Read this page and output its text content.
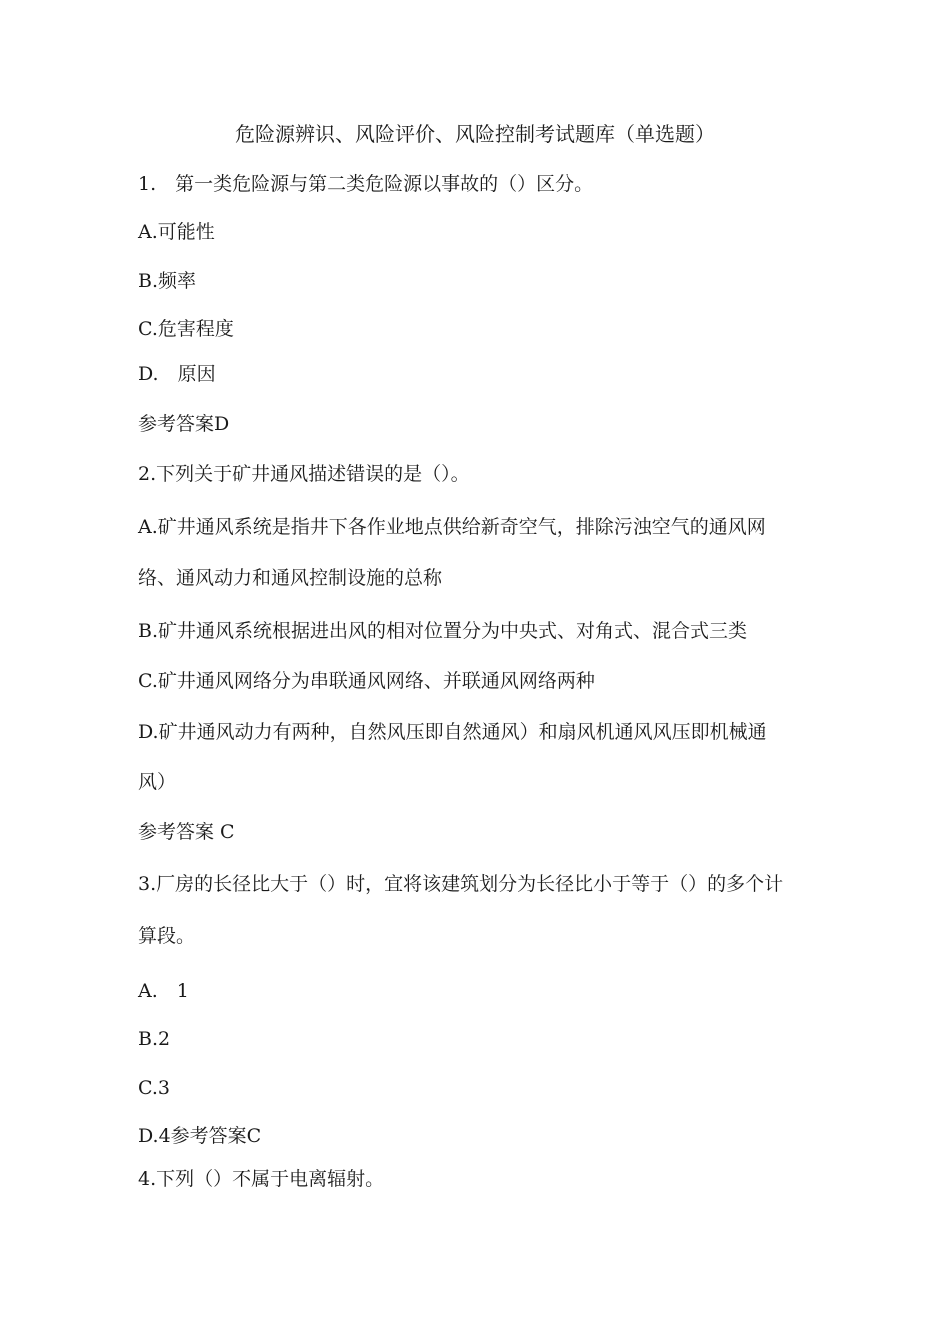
危险源辨识、风险评价、风险控制考试题库（单选题）
1.　第一类危险源与第二类危险源以事故的（）区分。
A.可能性
B.频率
C.危害程度
D.　原因
参考答案D
2.下列关于矿井通风描述错误的是（）。
A.矿井通风系统是指井下各作业地点供给新奇空气，排除污浊空气的通风网
络、通风动力和通风控制设施的总称
B.矿井通风系统根据进出风的相对位置分为中央式、对角式、混合式三类
C.矿井通风网络分为串联通风网络、并联通风网络两种
D.矿井通风动力有两种，自然风压即自然通风）和扇风机通风风压即机械通
风）
参考答案 C
3.厂房的长径比大于（）时，宜将该建筑划分为长径比小于等于（）的多个计
算段。
A.　1
B.2
C.3
D.4参考答案C
4.下列（）不属于电离辐射。
